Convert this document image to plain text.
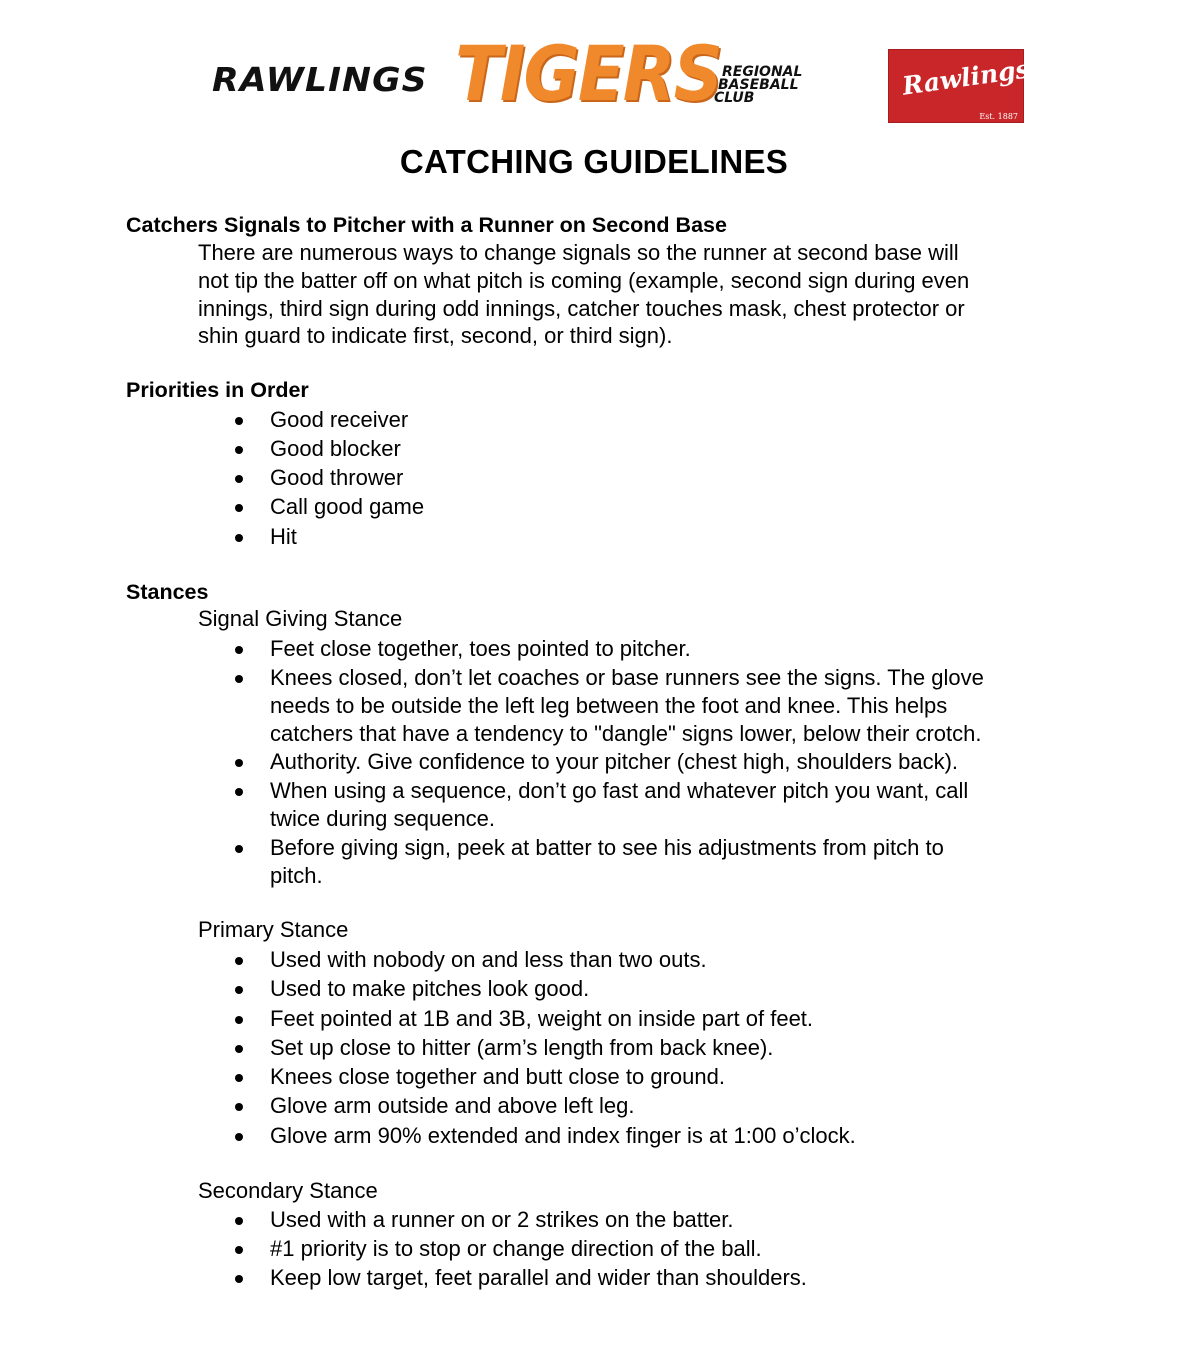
RAWLINGS TIGERS REGIONAL
BASEBALL
CLUB	Rawlings
Est. 1887
CATCHING GUIDELINES
Catchers Signals to Pitcher with a Runner on Second Base
There are numerous ways to change signals so the runner at second base will
not tip the batter off on what pitch is coming (example, second sign during even
innings, third sign during odd innings, catcher touches mask, chest protector or
shin guard to indicate first, second, or third sign).
Priorities in Order
Good receiver
Good blocker
Good thrower
Call good game
Hit
Stances
Signal Giving Stance
Feet close together, toes pointed to pitcher.
Knees closed, don’t let coaches or base runners see the signs. The glove
needs to be outside the left leg between the foot and knee. This helps
catchers that have a tendency to "dangle" signs lower, below their crotch.
Authority. Give confidence to your pitcher (chest high, shoulders back).
When using a sequence, don’t go fast and whatever pitch you want, call
twice during sequence.
Before giving sign, peek at batter to see his adjustments from pitch to
pitch.
Primary Stance
Used with nobody on and less than two outs.
Used to make pitches look good.
Feet pointed at 1B and 3B, weight on inside part of feet.
Set up close to hitter (arm’s length from back knee).
Knees close together and butt close to ground.
Glove arm outside and above left leg.
Glove arm 90% extended and index finger is at 1:00 o’clock.
Secondary Stance
Used with a runner on or 2 strikes on the batter.
#1 priority is to stop or change direction of the ball.
Keep low target, feet parallel and wider than shoulders.
